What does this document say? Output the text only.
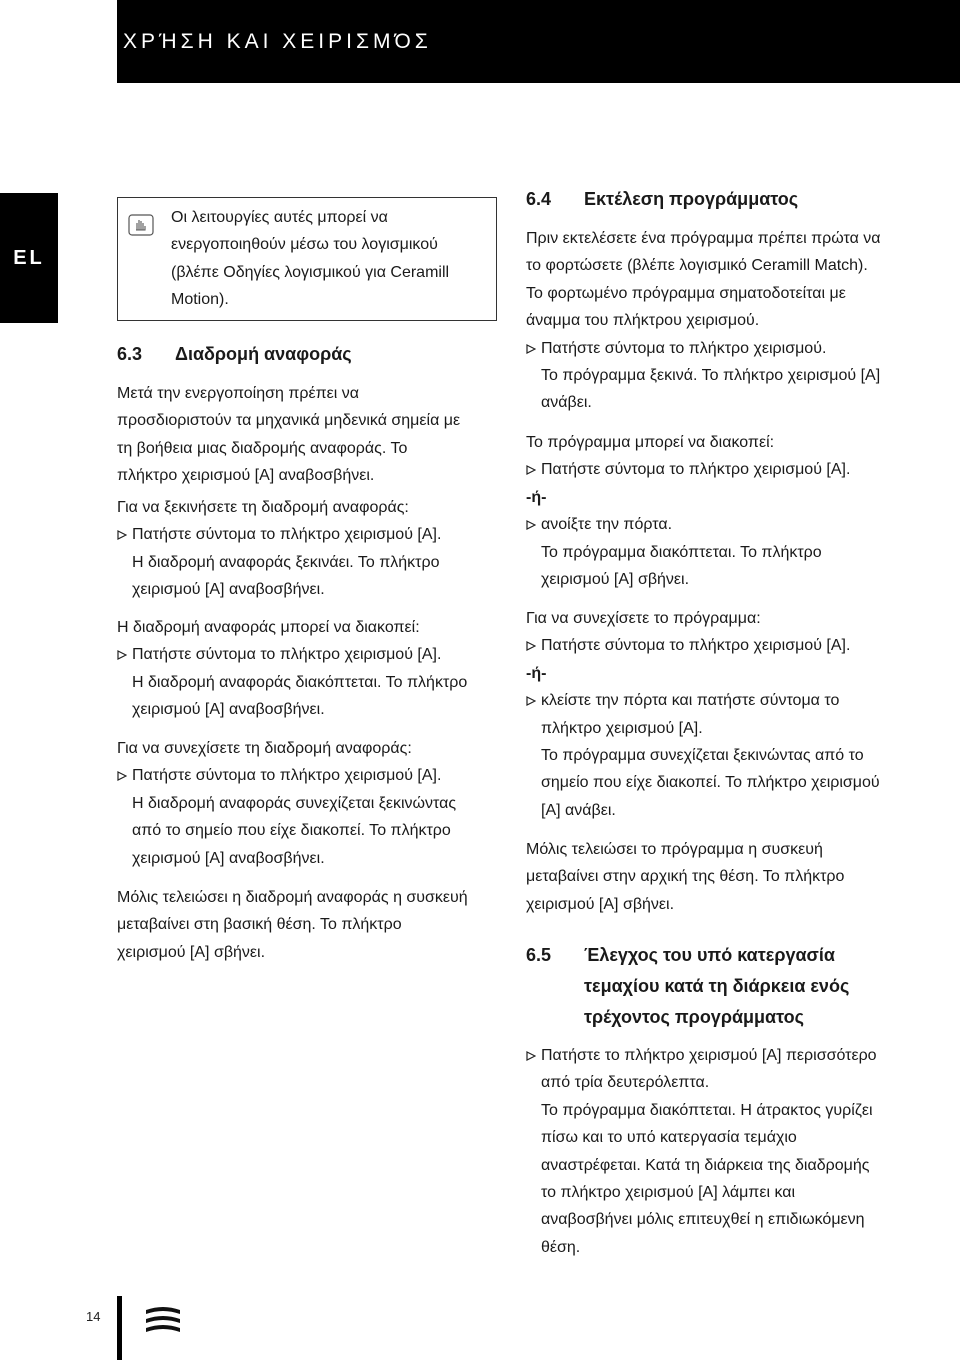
ΧΡΉΣΗ ΚΑΙ ΧΕΙΡΙΣΜΌΣ
EL

Οι λειτουργίες αυτές μπορεί να
ενεργοποιηθούν μέσω του λογισμικού
(βλέπε Οδηγίες λογισμικού για Ceramill
Motion).

6.3 Διαδρομή αναφοράς

Μετά την ενεργοποίηση πρέπει να
προσδιοριστούν τα μηχανικά μηδενικά σημεία με
τη βοήθεια μιας διαδρομής αναφοράς. Το
πλήκτρο χειρισμού [A] αναβοσβήνει.

Για να ξεκινήσετε τη διαδρομή αναφοράς:

Πατήστε σύντομα το πλήκτρο χειρισμού [A].

Η διαδρομή αναφοράς ξεκινάει. Το πλήκτρο
χειρισμού [A] αναβοσβήνει.

Η διαδρομή αναφοράς μπορεί να διακοπεί:

Πατήστε σύντομα το πλήκτρο χειρισμού [A].

Η διαδρομή αναφοράς διακόπτεται. Το πλήκτρο
χειρισμού [A] αναβοσβήνει.

Για να συνεχίσετε τη διαδρομή αναφοράς:

Πατήστε σύντομα το πλήκτρο χειρισμού [A].

Η διαδρομή αναφοράς συνεχίζεται ξεκινώντας
από το σημείο που είχε διακοπεί. Το πλήκτρο
χειρισμού [A] αναβοσβήνει.

Μόλις τελειώσει η διαδρομή αναφοράς η συσκευή
μεταβαίνει στη βασική θέση. Το πλήκτρο
χειρισμού [A] σβήνει.

6.4 Εκτέλεση προγράμματος

Πριν εκτελέσετε ένα πρόγραμμα πρέπει πρώτα να
το φορτώσετε (βλέπε λογισμικό Ceramill Match).
Το φορτωμένο πρόγραμμα σηματοδοτείται με
άναμμα του πλήκτρου χειρισμού.

Πατήστε σύντομα το πλήκτρο χειρισμού.

Το πρόγραμμα ξεκινά. Το πλήκτρο χειρισμού [A]
ανάβει.

Το πρόγραμμα μπορεί να διακοπεί:

Πατήστε σύντομα το πλήκτρο χειρισμού [A].

-ή-

ανοίξτε την πόρτα.

Το πρόγραμμα διακόπτεται. Το πλήκτρο
χειρισμού [A] σβήνει.

Για να συνεχίσετε το πρόγραμμα:

Πατήστε σύντομα το πλήκτρο χειρισμού [A].

-ή-

κλείστε την πόρτα και πατήστε σύντομα το
πλήκτρο χειρισμού [A].

Το πρόγραμμα συνεχίζεται ξεκινώντας από το
σημείο που είχε διακοπεί. Το πλήκτρο χειρισμού
[A] ανάβει.

Μόλις τελειώσει το πρόγραμμα η συσκευή
μεταβαίνει στην αρχική της θέση. Το πλήκτρο
χειρισμού [A] σβήνει.

6.5	Έλεγχος του υπό κατεργασία
τεμαχίου κατά τη διάρκεια ενός
τρέχοντος προγράμματος

Πατήστε το πλήκτρο χειρισμού [A] περισσότερο
από τρία δευτερόλεπτα.

Το πρόγραμμα διακόπτεται. Η άτρακτος γυρίζει
πίσω και το υπό κατεργασία τεμάχιο
αναστρέφεται. Κατά τη διάρκεια της διαδρομής
το πλήκτρο χειρισμού [A] λάμπει και
αναβοσβήνει μόλις επιτευχθεί η επιδιωκόμενη
θέση.

14
